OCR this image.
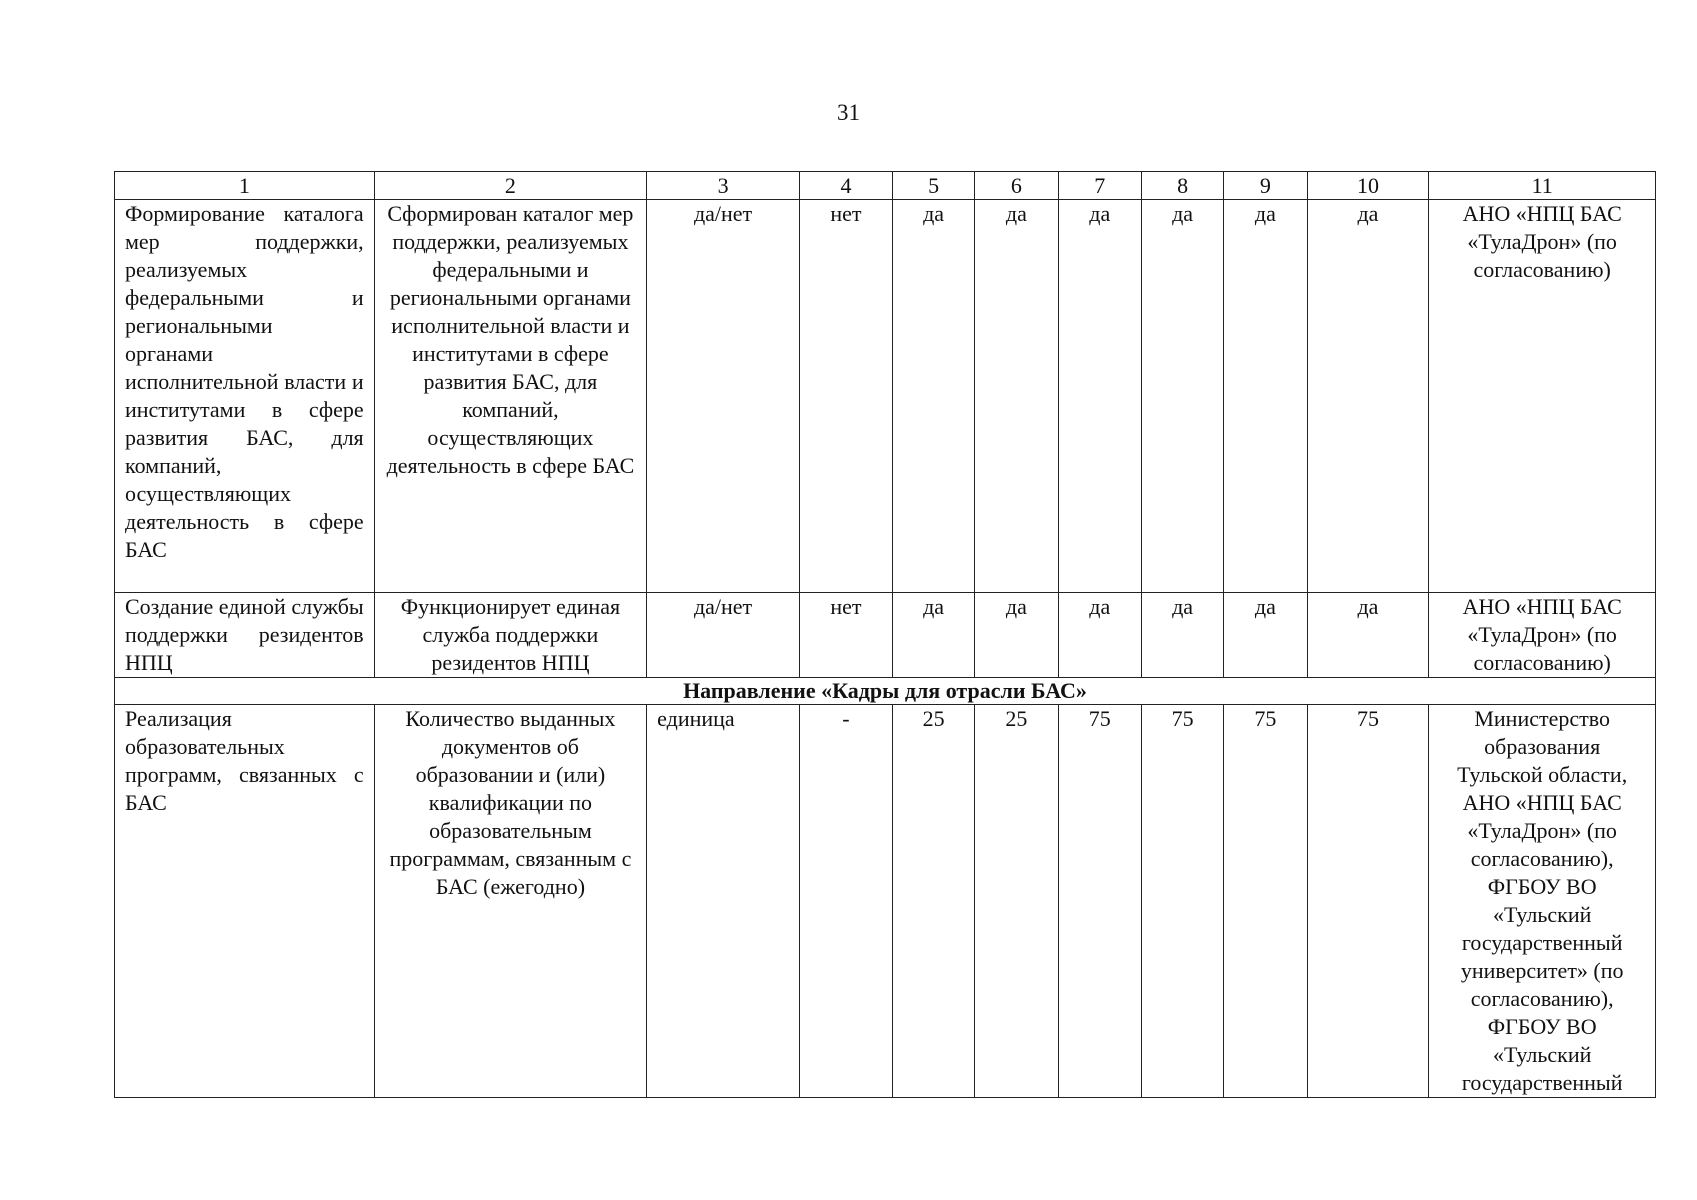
31
1	2	3	4	5	6	7	8	9	10	11
Формирование каталога мер поддержки, реализуемых федеральными и региональными органами исполнительной власти и институтами в сфере развития БАС, для компаний, осуществляющих деятельность в сфере БАС	Сформирован каталог мер поддержки, реализуемых федеральными и региональными органами исполнительной власти и институтами в сфере развития БАС, для компаний, осуществляющих деятельность в сфере БАС	да/нет	нет	да	да	да	да	да	да	АНО «НПЦ БАС «ТулаДрон» (по согласованию)
Создание единой службы поддержки резидентов НПЦ	Функционирует единая служба поддержки резидентов НПЦ	да/нет	нет	да	да	да	да	да	да	АНО «НПЦ БАС «ТулаДрон» (по согласованию)
Направление «Кадры для отрасли БАС»										
Реализация образовательных программ, связанных с БАС	Количество выданных документов об образовании и (или) квалификации по образовательным программам, связанным с БАС (ежегодно)	единица	-	25	25	75	75	75	75	Министерство образования Тульской области, АНО «НПЦ БАС «ТулаДрон» (по согласованию), ФГБОУ ВО «Тульский государственный университет» (по согласованию), ФГБОУ ВО «Тульский государственный
